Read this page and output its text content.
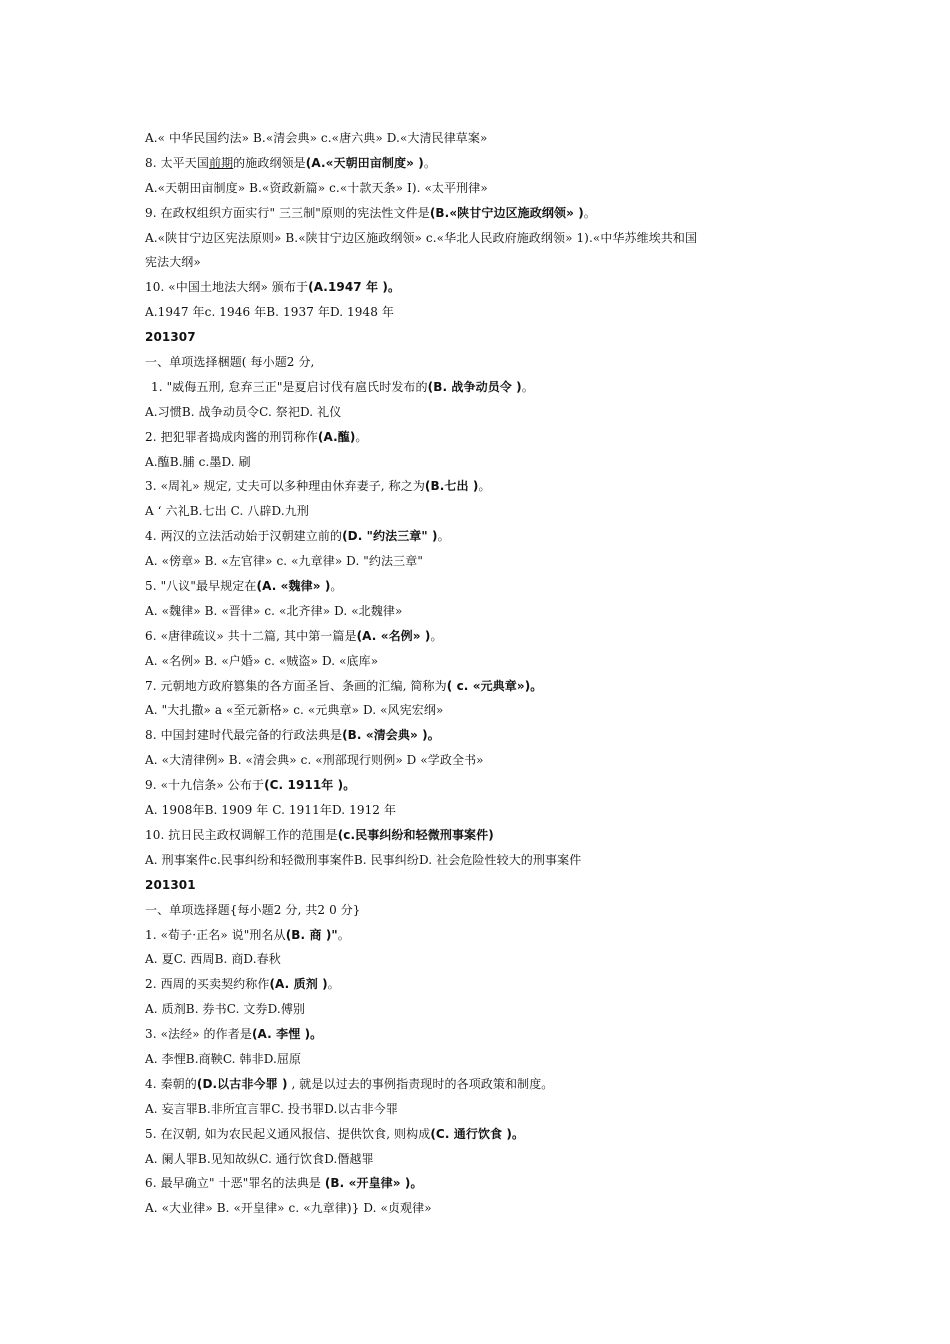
A.« 中华民国约法» B.«清会典» c.«唐六典» D.«大清民律草案»
8. 太平天国前期的施政纲领是(A.«天朝田亩制度» )。
A.«天朝田亩制度» B.«资政新篇» c.«十款天条» I). «太平刑律»
9. 在政权组织方面实行" 三三制"原则的宪法性文件是(B.«陕甘宁边区施政纲领» )。
A.«陕甘宁边区宪法原则» B.«陕甘宁边区施政纲领» c.«华北人民政府施政纲领» 1).«中华苏维埃共和国
宪法大纲»
10. «中国土地法大纲» 颁布于(A.1947 年 )。
A.1947 年c. 1946 年B. 1937 年D. 1948 年
201307
一、单项选择梱题( 每小题2 分,
1. "威侮五刑, 怠弃三正"是夏启讨伐有扈氏时发布的(B. 战争动员令 )。
A.习惯B. 战争动员令C. 祭祀D. 礼仪
2. 把犯罪者捣成肉酱的刑罚称作(A.醢)。
A.醢B.脯 c.墨D. 刷
3. «周礼» 规定, 丈夫可以多种理由休弃妻子, 称之为(B.七出 )。
A ‘ 六礼B.七出 C. 八辟D.九刑
4. 两汉的立法活动始于汉朝建立前的(D. "约法三章" )。
A. «傍章» B. «左官律» c. «九章律» D. "约法三章"
5. "八议"最早规定在(A. «魏律» )。
A. «魏律» B. «晋律» c. «北齐律» D. «北魏律»
6. «唐律疏议» 共十二篇, 其中第一篇是(A. «名例» )。
A. «名例» B. «户婚» c. «贼盗» D. «底库»
7. 元朝地方政府篡集的各方面圣旨、条画的汇编, 简称为( c. «元典章»)。
A. "大扎撒» a «至元新格» c. «元典章» D. «风宪宏纲»
8. 中国封建时代最完备的行政法典是(B. «清会典» )。
A. «大清律例» B. «清会典» c. «刑部现行则例» D «学政全书»
9. «十九信条» 公布于(C. 1911年 )。
A. 1908年B. 1909 年 C. 1911年D. 1912 年
10. 抗日民主政权调解工作的范围是(c.民事纠纷和轻微刑事案件)
A. 刑事案件c.民事纠纷和轻微刑事案件B. 民事纠纷D. 社会危险性较大的刑事案件
201301
一、单项选择题{每小题2 分, 共2 0 分}
1. «荀子·正名» 说"刑名从(B. 商 )"。
A. 夏C. 西周B. 商D.春秋
2. 西周的买卖契约称作(A. 质剂 )。
A. 质剂B. 券书C. 文券D.傅别
3. «法经» 的作者是(A. 李悝 )。
A. 李悝B.商鞅C. 韩非D.屈原
4. 秦朝的(D.以古非今罪 ) , 就是以过去的事例指责现时的各项政策和制度。
A. 妄言罪B.非所宜言罪C. 投书罪D.以古非今罪
5. 在汉朝, 如为农民起义通风报信、提供饮食, 则构成(C. 通行饮食 )。
A. 阑人罪B.见知故纵C. 通行饮食D.僭越罪
6. 最早确立" 十恶"罪名的法典是 (B. «开皇律» )。
A. «大业律» B. «开皇律» c. «九章律)} D. «贞观律»
